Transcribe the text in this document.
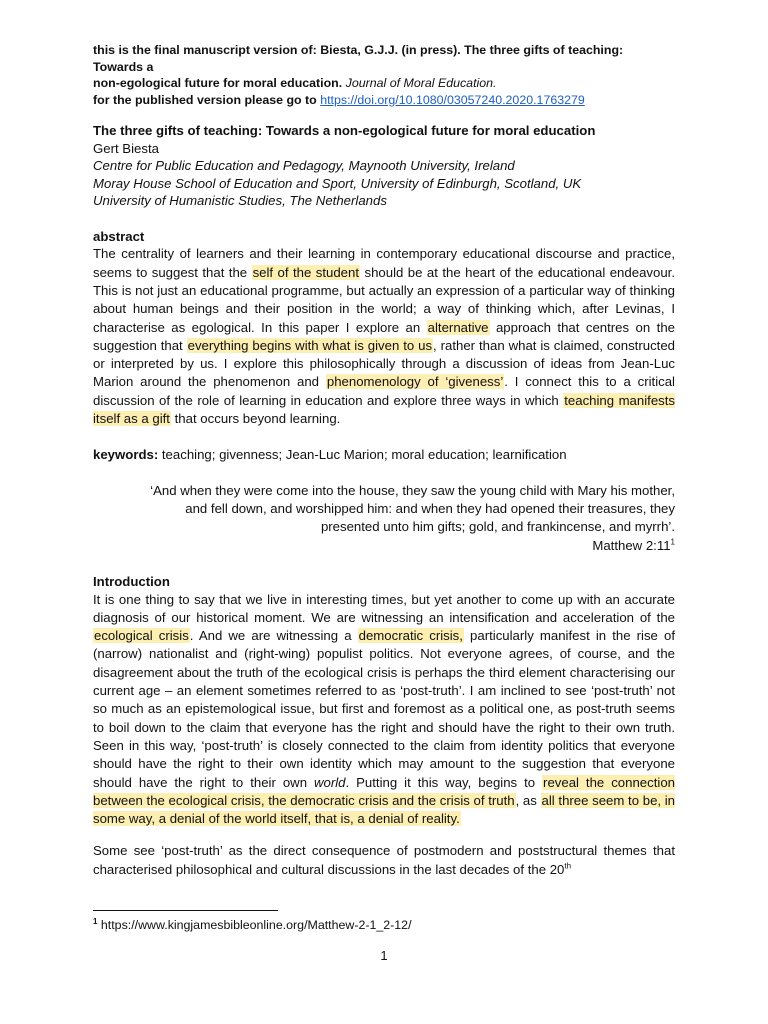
this is the final manuscript version of: Biesta, G.J.J. (in press). The three gifts of teaching: Towards a

non-egological future for moral education. Journal of Moral Education.

for the published version please go to https://doi.org/10.1080/03057240.2020.1763279

The three gifts of teaching: Towards a non-egological future for moral education

Gert Biesta

Centre for Public Education and Pedagogy, Maynooth University, Ireland

Moray House School of Education and Sport, University of Edinburgh, Scotland, UK

University of Humanistic Studies, The Netherlands

abstract

The centrality of learners and their learning in contemporary educational discourse and practice, seems to suggest that the self of the student should be at the heart of the educational endeavour. This is not just an educational programme, but actually an expression of a particular way of thinking about human beings and their position in the world; a way of thinking which, after Levinas, I characterise as egological. In this paper I explore an alternative approach that centres on the suggestion that everything begins with what is given to us, rather than what is claimed, constructed or interpreted by us. I explore this philosophically through a discussion of ideas from Jean-Luc Marion around the phenomenon and phenomenology of ‘giveness’. I connect this to a critical discussion of the role of learning in education and explore three ways in which teaching manifests itself as a gift that occurs beyond learning.

keywords: teaching; givenness; Jean-Luc Marion; moral education; learnification

‘And when they were come into the house, they saw the young child with Mary his mother,

and fell down, and worshipped him: and when they had opened their treasures, they

presented unto him gifts; gold, and frankincense, and myrrh’.

Matthew $2:11^1$

Introduction

It is one thing to say that we live in interesting times, but yet another to come up with an accurate diagnosis of our historical moment. We are witnessing an intensification and acceleration of the ecological crisis. And we are witnessing a democratic crisis, particularly manifest in the rise of (narrow) nationalist and (right-wing) populist politics. Not everyone agrees, of course, and the disagreement about the truth of the ecological crisis is perhaps the third element characterising our current age – an element sometimes referred to as ‘post-truth’. I am inclined to see ‘post-truth’ not so much as an epistemological issue, but first and foremost as a political one, as post-truth seems to boil down to the claim that everyone has the right and should have the right to their own truth. Seen in this way, ‘post-truth’ is closely connected to the claim from identity politics that everyone should have the right to their own identity which may amount to the suggestion that everyone should have the right to their own world. Putting it this way, begins to reveal the connection between the ecological crisis, the democratic crisis and the crisis of truth, as all three seem to be, in some way, a denial of the world itself, that is, a denial of reality.

Some see ‘post-truth’ as the direct consequence of postmodern and poststructural themes that characterised philosophical and cultural discussions in the last decades of the 20th

$^1$ https://www.kingjamesbibleonline.org/Matthew-2-1_2-12/
1
